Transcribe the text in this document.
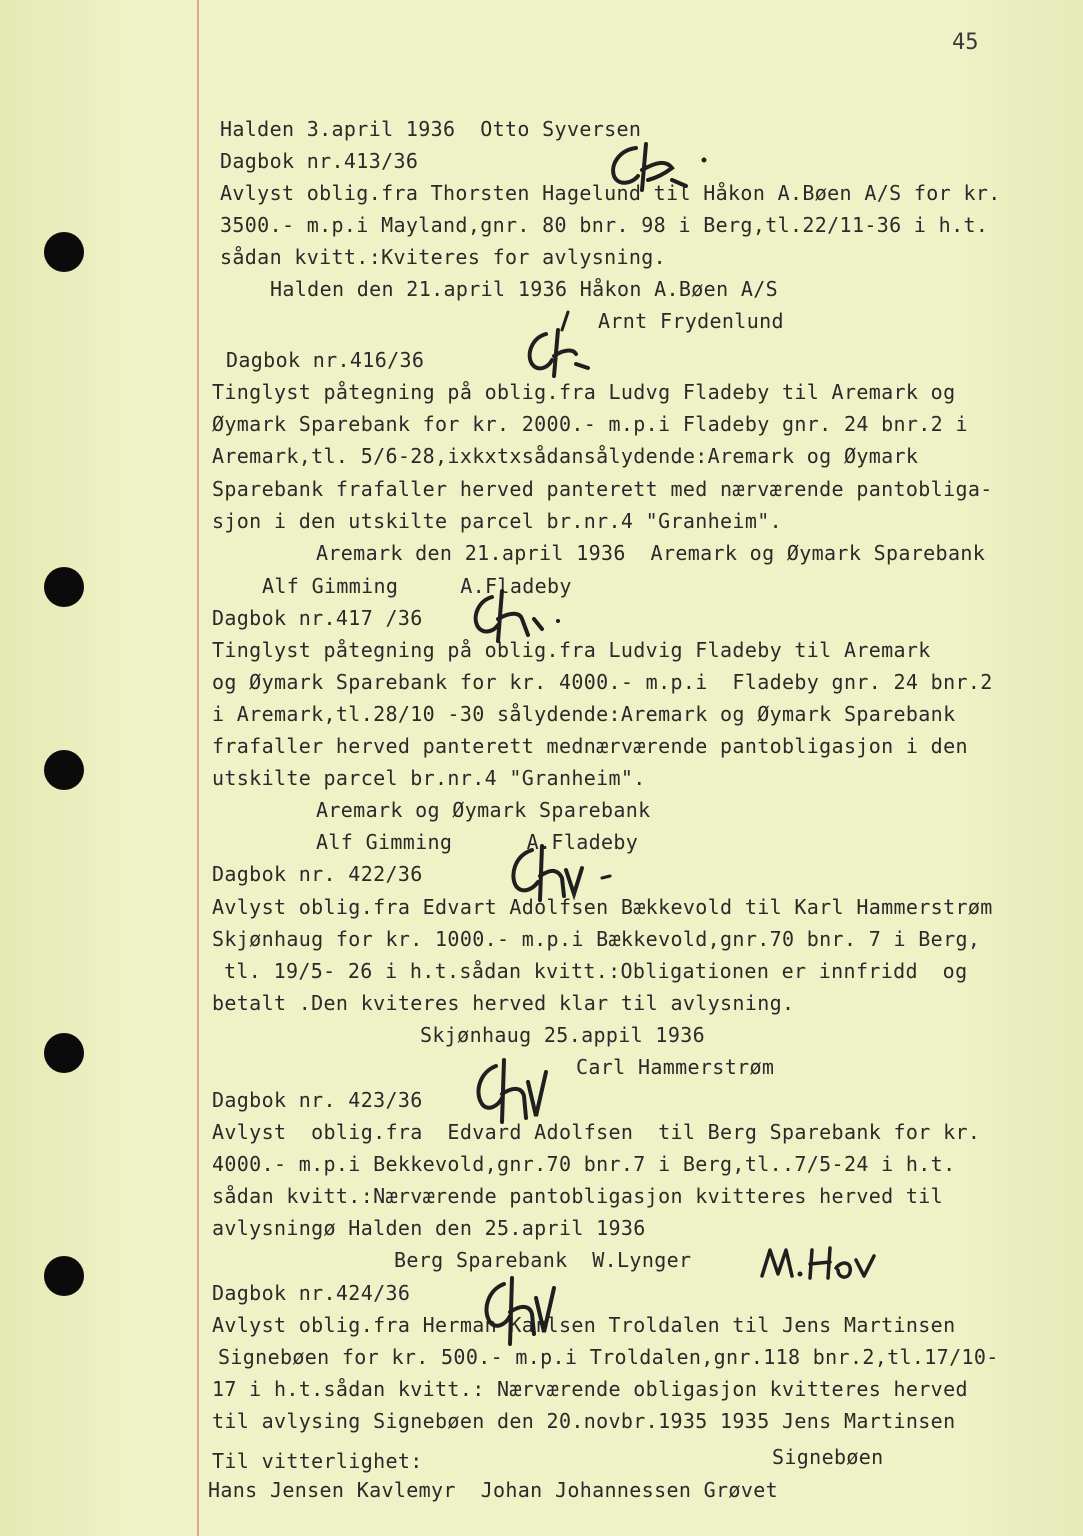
45
Halden 3.april 1936  Otto Syversen
Dagbok nr.413/36
Avlyst oblig.fra Thorsten Hagelund til Håkon A.Bøen A/S for kr.
3500.- m.p.i Mayland,gnr. 80 bnr. 98 i Berg,tl.22/11-36 i h.t.
sådan kvitt.:Kviteres for avlysning.
Halden den 21.april 1936 Håkon A.Bøen A/S
Arnt Frydenlund
Dagbok nr.416/36
Tinglyst påtegning på oblig.fra Ludvg Fladeby til Aremark og
Øymark Sparebank for kr. 2000.- m.p.i Fladeby gnr. 24 bnr.2 i
Aremark,tl. 5/6-28,ixkxtxsådansålydende:Aremark og Øymark
Sparebank frafaller herved panterett med nærværende pantobliga-
sjon i den utskilte parcel br.nr.4 "Granheim".
Aremark den 21.april 1936  Aremark og Øymark Sparebank
Alf Gimming     A.Fladeby
Dagbok nr.417 /36
Tinglyst påtegning på oblig.fra Ludvig Fladeby til Aremark
og Øymark Sparebank for kr. 4000.- m.p.i  Fladeby gnr. 24 bnr.2
i Aremark,tl.28/10 -30 sålydende:Aremark og Øymark Sparebank
frafaller herved panterett mednærværende pantobligasjon i den
utskilte parcel br.nr.4 "Granheim".
Aremark og Øymark Sparebank
Alf Gimming      A.Fladeby
Dagbok nr. 422/36
Avlyst oblig.fra Edvart Adolfsen Bækkevold til Karl Hammerstrøm
Skjønhaug for kr. 1000.- m.p.i Bækkevold,gnr.70 bnr. 7 i Berg,
tl. 19/5- 26 i h.t.sådan kvitt.:Obligationen er innfridd  og
betalt .Den kviteres herved klar til avlysning.
Skjønhaug 25.appil 1936
Carl Hammerstrøm
Dagbok nr. 423/36
Avlyst  oblig.fra  Edvard Adolfsen  til Berg Sparebank for kr.
4000.- m.p.i Bekkevold,gnr.70 bnr.7 i Berg,tl..7/5-24 i h.t.
sådan kvitt.:Nærværende pantobligasjon kvitteres herved til
avlysningø Halden den 25.april 1936
Berg Sparebank  W.Lynger
Dagbok nr.424/36
Avlyst oblig.fra Herman Karlsen Troldalen til Jens Martinsen
Signebøen for kr. 500.- m.p.i Troldalen,gnr.118 bnr.2,tl.17/10-
17 i h.t.sådan kvitt.: Nærværende obligasjon kvitteres herved
til avlysing Signebøen den 20.novbr.1935 1935 Jens Martinsen
Signebøen
Til vitterlighet:
Hans Jensen Kavlemyr  Johan Johannessen Grøvet
